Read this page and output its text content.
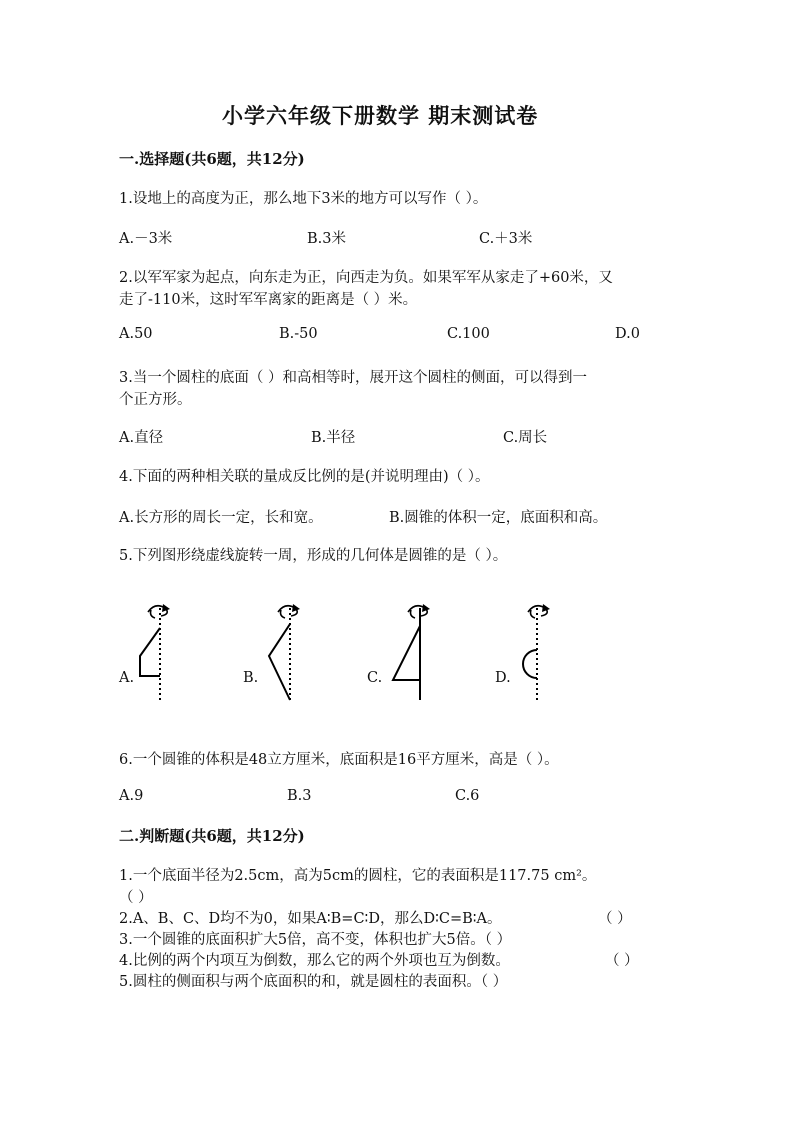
小学六年级下册数学 期末测试卷
一.选择题(共6题，共12分)
1.设地上的高度为正，那么地下3米的地方可以写作（ ）。
A.－3米	B.3米	C.＋3米
2.以军军家为起点，向东走为正，向西走为负。如果军军从家走了+60米，又
走了-110米，这时军军离家的距离是（ ）米。
A.50	B.-50	C.100	D.0
3.当一个圆柱的底面（ ）和高相等时，展开这个圆柱的侧面，可以得到一
个正方形。
A.直径	B.半径	C.周长
4.下面的两种相关联的量成反比例的是(并说明理由)（ ）。
A.长方形的周长一定，长和宽。	B.圆锥的体积一定，底面积和高。
5.下列图形绕虚线旋转一周，形成的几何体是圆锥的是（ ）。
A.	B.	C.	D.
6.一个圆锥的体积是48立方厘米，底面积是16平方厘米，高是（ ）。
A.9	B.3	C.6
二.判断题(共6题，共12分)
1.一个底面半径为2.5cm，高为5cm的圆柱，它的表面积是117.75 cm²。
（ ）
2.A、B、C、D均不为0，如果A∶B=C∶D，那么D∶C=B∶A。	（ ）
3.一个圆锥的底面积扩大5倍，高不变，体积也扩大5倍。（ ）
4.比例的两个内项互为倒数，那么它的两个外项也互为倒数。	（ ）
5.圆柱的侧面积与两个底面积的和，就是圆柱的表面积。（ ）
